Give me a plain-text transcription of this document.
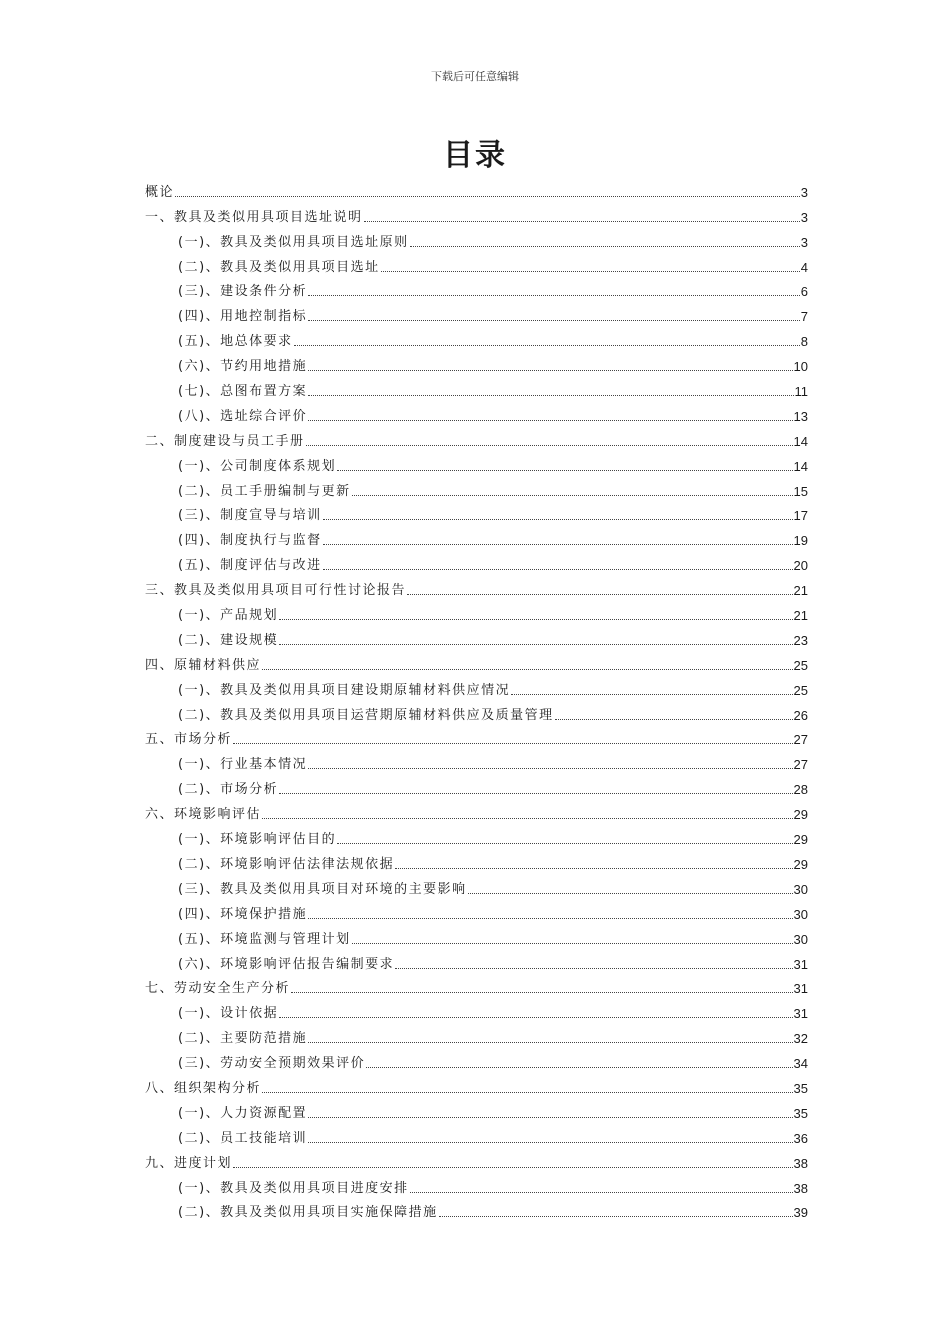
下载后可任意编辑
目录
概论	3
一、教具及类似用具项目选址说明	3
(一)、教具及类似用具项目选址原则	3
(二)、教具及类似用具项目选址	4
(三)、建设条件分析	6
(四)、用地控制指标	7
(五)、地总体要求	8
(六)、节约用地措施	10
(七)、总图布置方案	11
(八)、选址综合评价	13
二、制度建设与员工手册	14
(一)、公司制度体系规划	14
(二)、员工手册编制与更新	15
(三)、制度宣导与培训	17
(四)、制度执行与监督	19
(五)、制度评估与改进	20
三、教具及类似用具项目可行性讨论报告	21
(一)、产品规划	21
(二)、建设规模	23
四、原辅材料供应	25
(一)、教具及类似用具项目建设期原辅材料供应情况	25
(二)、教具及类似用具项目运营期原辅材料供应及质量管理	26
五、市场分析	27
(一)、行业基本情况	27
(二)、市场分析	28
六、环境影响评估	29
(一)、环境影响评估目的	29
(二)、环境影响评估法律法规依据	29
(三)、教具及类似用具项目对环境的主要影响	30
(四)、环境保护措施	30
(五)、环境监测与管理计划	30
(六)、环境影响评估报告编制要求	31
七、劳动安全生产分析	31
(一)、设计依据	31
(二)、主要防范措施	32
(三)、劳动安全预期效果评价	34
八、组织架构分析	35
(一)、人力资源配置	35
(二)、员工技能培训	36
九、进度计划	38
(一)、教具及类似用具项目进度安排	38
(二)、教具及类似用具项目实施保障措施	39
